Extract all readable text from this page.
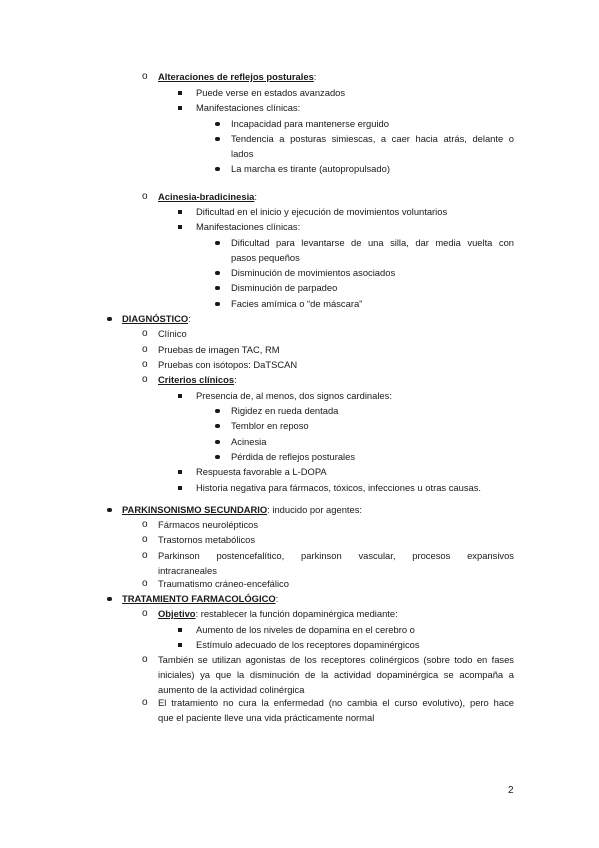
o Alteraciones de reflejos posturales:
Puede verse en estados avanzados
Manifestaciones clínicas:
Incapacidad para mantenerse erguido
Tendencia a posturas simiescas, a caer hacia atrás, delante o
lados
La marcha es tirante (autopropulsado)
o Acinesia-bradicinesia:
Dificultad en el inicio y ejecución de movimientos voluntarios
Manifestaciones clínicas:
Dificultad para levantarse de una silla, dar media vuelta con
pasos pequeños
Disminución de movimientos asociados
Disminución de parpadeo
Facies amímica o “de máscara”
DIAGNÓSTICO:
o Clínico
o Pruebas de imagen TAC, RM
o Pruebas con isótopos: DaTSCAN
o Criterios clínicos:
Presencia de, al menos, dos signos cardinales:
Rigidez en rueda dentada
Temblor en reposo
Acinesia
Pérdida de reflejos posturales
Respuesta favorable a L-DOPA
Historia negativa para fármacos, tóxicos, infecciones u otras causas.
PARKINSONISMO SECUNDARIO: inducido por agentes:
o Fármacos neurolépticos
o Trastornos metabólicos
o Parkinson postencefalítico, parkinson vascular, procesos expansivos
intracraneales
o Traumatismo cráneo-encefálico
TRATAMIENTO FARMACOLÓGICO:
o Objetivo: restablecer la función dopaminérgica mediante:
Aumento de los niveles de dopamina en el cerebro o
Estímulo adecuado de los receptores dopaminérgicos
o También se utilizan agonistas de los receptores colinérgicos (sobre todo en fases
iniciales) ya que la disminución de la actividad dopaminérgica se acompaña a
aumento de la actividad colinérgica
o El tratamiento no cura la enfermedad (no cambia el curso evolutivo), pero hace
que el paciente lleve una vida prácticamente normal
2
